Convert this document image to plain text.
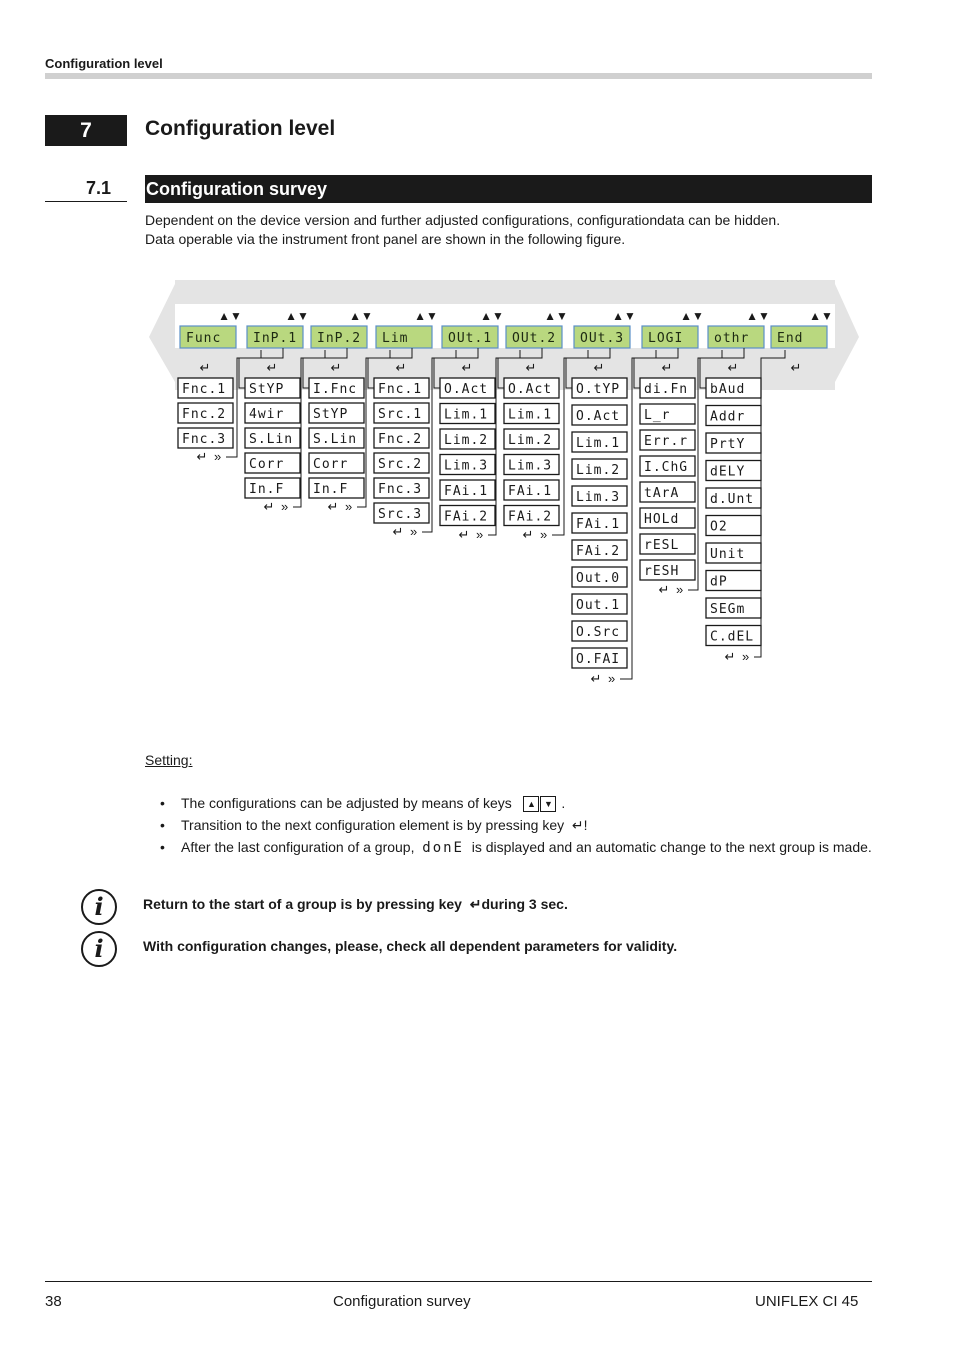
Configuration level
7	Configuration level
7.1	Configuration survey
Dependent on the device version and further adjusted configurations, configurationdata can be hidden.
Data operable via the instrument front panel are shown in the following figure.
▲▼
Func
↵
Fnc.1
Fnc.2
Fnc.3
↵ »
▲▼
InP.1
↵
StYP
4wir
S.Lin
Corr
In.F
↵ »
▲▼
InP.2
↵
I.Fnc
StYP
S.Lin
Corr
In.F
↵ »
▲▼
Lim
↵
Fnc.1
Src.1
Fnc.2
Src.2
Fnc.3
Src.3
↵ »
▲▼
OUt.1
↵
O.Act
Lim.1
Lim.2
Lim.3
FAi.1
FAi.2
↵ »
▲▼
OUt.2
↵
O.Act
Lim.1
Lim.2
Lim.3
FAi.1
FAi.2
↵ »
▲▼
OUt.3
↵
O.tYP
O.Act
Lim.1
Lim.2
Lim.3
FAi.1
FAi.2
Out.0
Out.1
O.Src
O.FAI
↵ »
▲▼
LOGI
↵
di.Fn
L_r
Err.r
I.ChG
tArA
HOLd
rESL
rESH
↵ »
▲▼
othr
↵
bAud
Addr
PrtY
dELY
d.Unt
O2
Unit
dP
SEGm
C.dEL
↵ »
▲▼
End
↵
Setting:
• The configurations can be adjusted by means of keys ▲ ▼ .
• Transition to the next configuration element is by pressing key ↵!
• After the last configuration of a group, donE is displayed and an automatic change to the next group is made.
i	Return to the start of a group is by pressing key ↵during 3 sec.
i	With configuration changes, please, check all dependent parameters for validity.
38	Configuration survey	UNIFLEX CI 45
